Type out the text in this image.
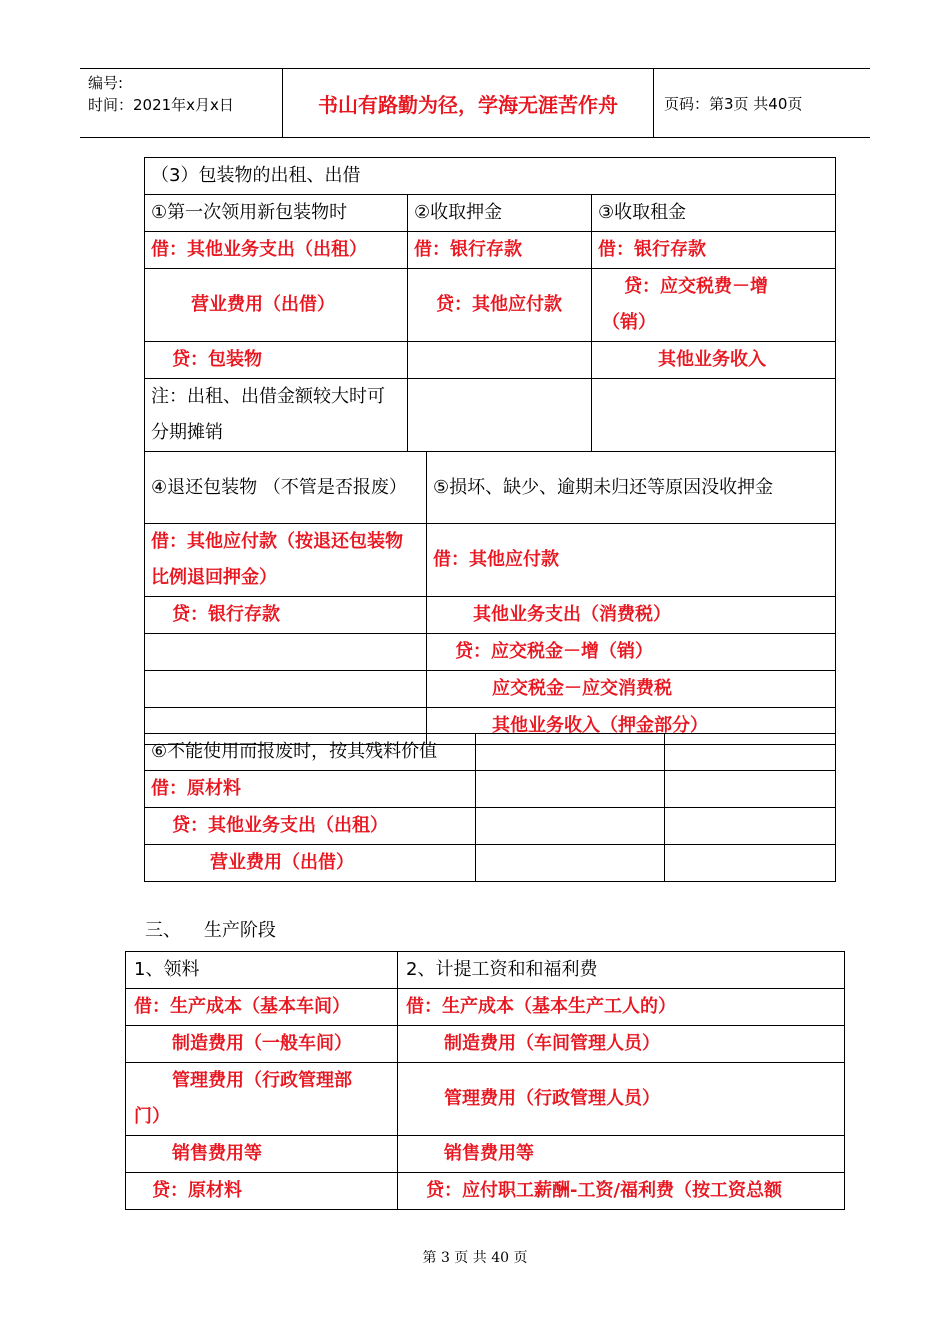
编号:
时间：2021年x月x日	书山有路勤为径，学海无涯苦作舟	页码：第3页 共40页
（3）包装物的出租、出借			
①第一次领用新包装物时	②收取押金		③收取租金
借：其他业务支出（出租）	借：银行存款		借：银行存款
营业费用（出借）	贷：其他应付款		贷：应交税费－增（销）
贷：包装物			其他业务收入
注：出租、出借金额较大时可分期摊销			
④退还包装物 （不管是否报废）		⑤损坏、缺少、逾期未归还等原因没收押金	
借：其他应付款（按退还包装物比例退回押金）		借：其他应付款	
贷：银行存款		其他业务支出（消费税）	
		贷：应交税金－增（销）	
		应交税金－应交消费税	
		其他业务收入（押金部分）	
⑥不能使用而报废时，按其残料价值		
借：原材料		
贷：其他业务支出（出租）		
营业费用（出借）		
三、    生产阶段
1、领料	2、计提工资和和福利费
借：生产成本（基本车间）	借：生产成本（基本生产工人的）
制造费用（一般车间）	制造费用（车间管理人员）
管理费用（行政管理部门）	管理费用（行政管理人员）
销售费用等	销售费用等
贷：原材料	贷：应付职工薪酬-工资/福利费（按工资总额
第 3 页 共 40 页
